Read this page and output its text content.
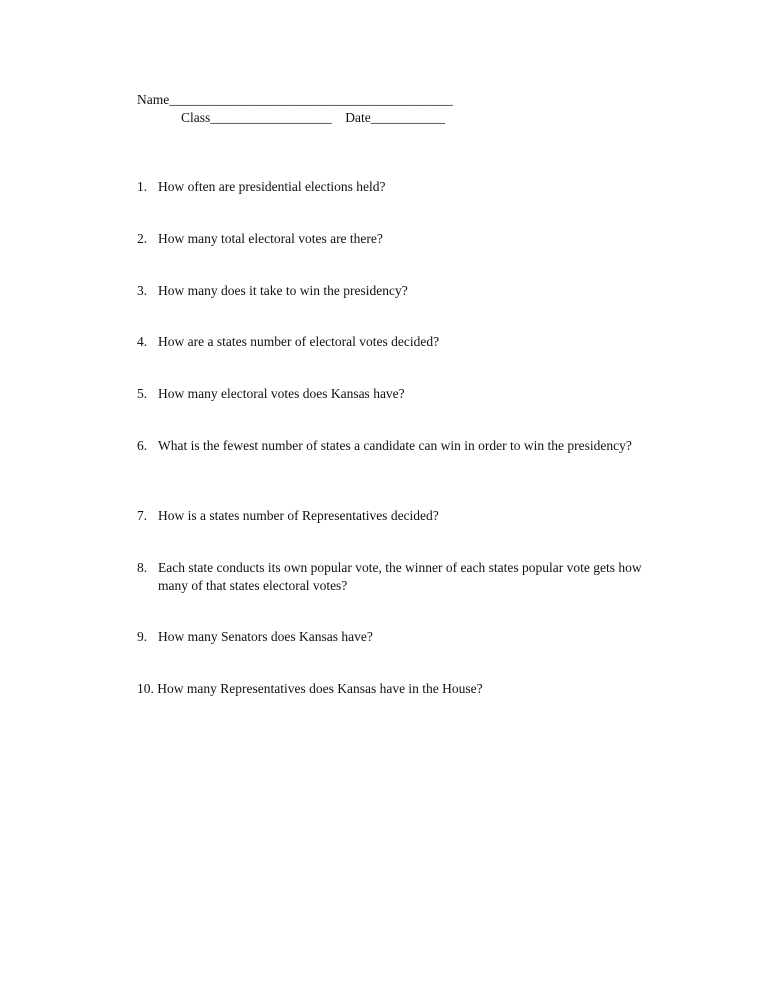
Name__________________________________________
Class__________________    Date___________
1. How often are presidential elections held?
2. How many total electoral votes are there?
3. How many does it take to win the presidency?
4. How are a states number of electoral votes decided?
5. How many electoral votes does Kansas have?
6. What is the fewest number of states a candidate can win in order to win the presidency?
7. How is a states number of Representatives decided?
8. Each state conducts its own popular vote, the winner of each states popular vote gets how many of that states electoral votes?
9. How many Senators does Kansas have?
10. How many Representatives does Kansas have in the House?
